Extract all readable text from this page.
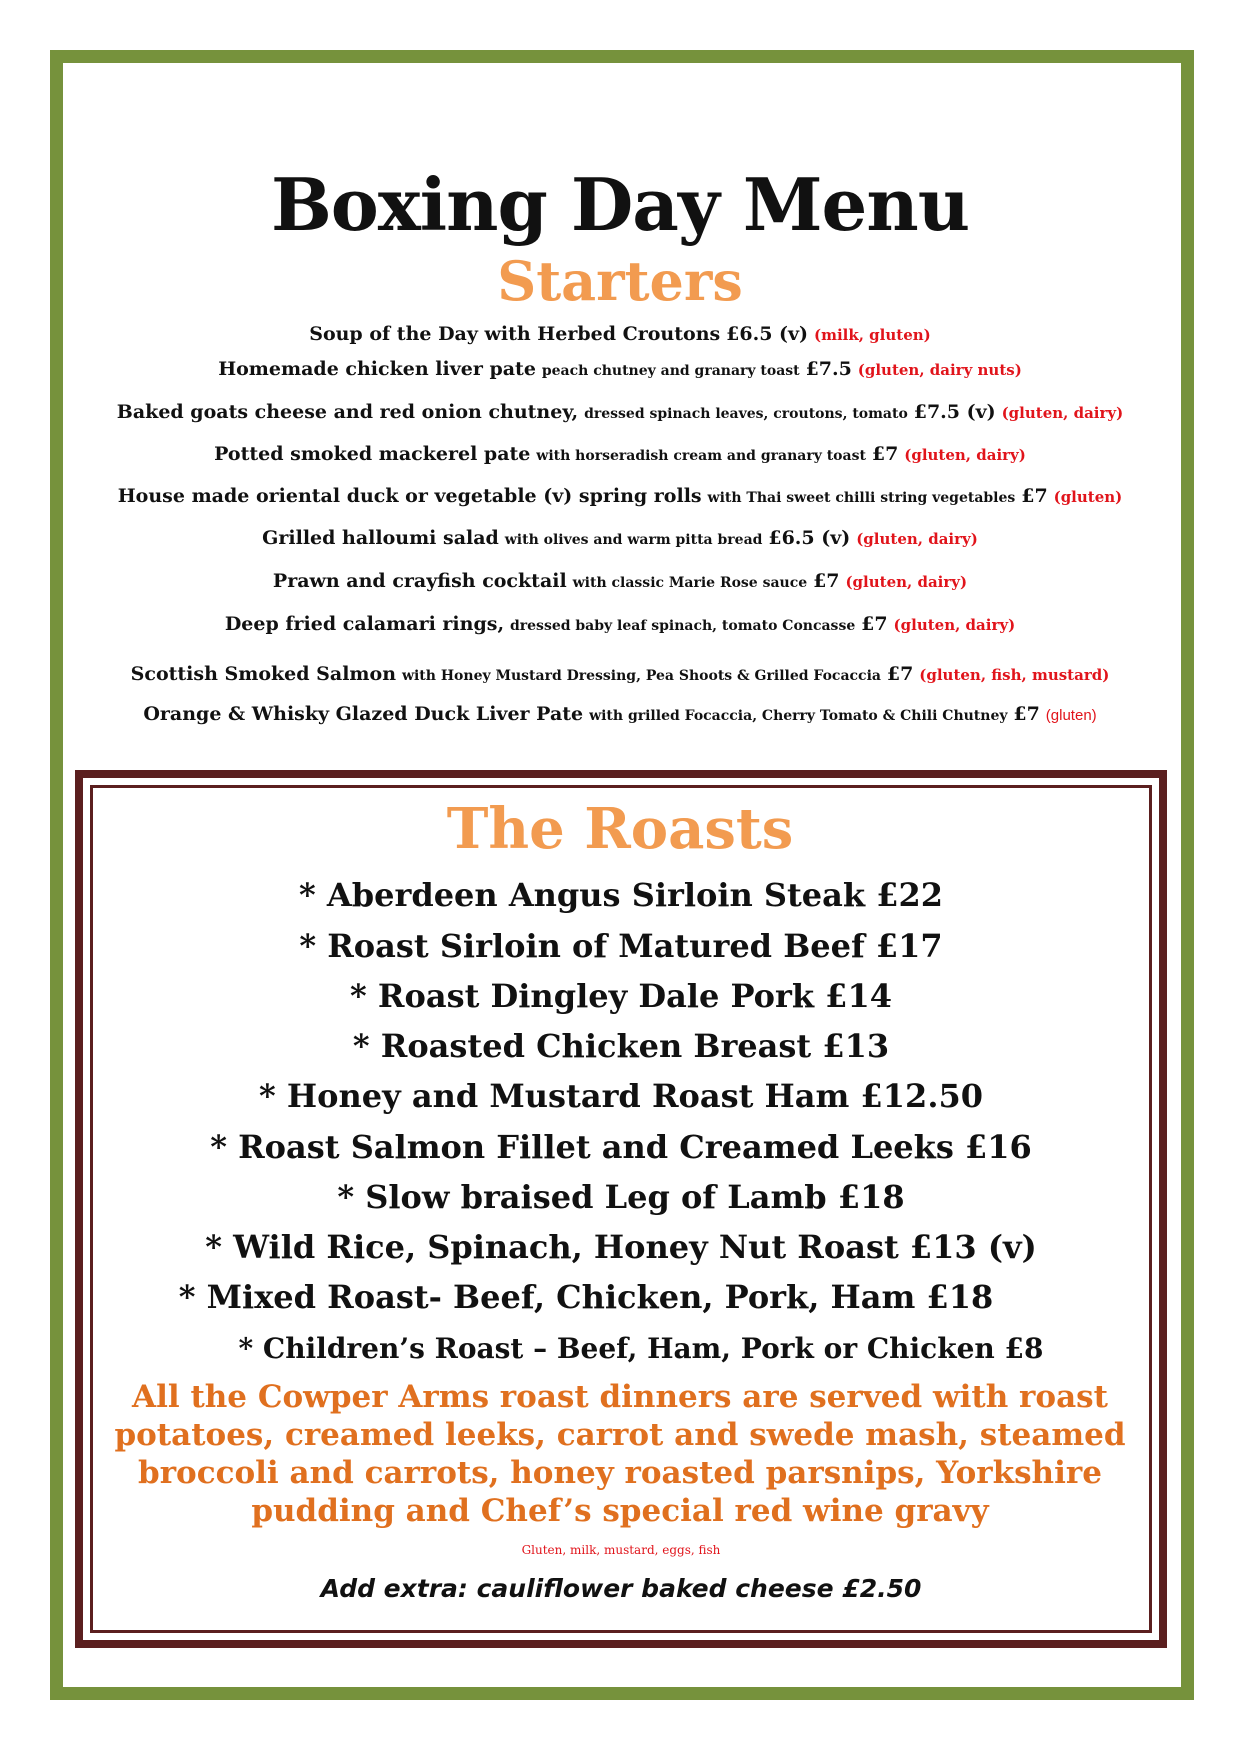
Boxing Day Menu
Starters
Soup of the Day with Herbed Croutons £6.5 (v) (milk, gluten)
Homemade chicken liver pate peach chutney and granary toast £7.5 (gluten, dairy nuts)
Baked goats cheese and red onion chutney, dressed spinach leaves, croutons, tomato £7.5 (v) (gluten, dairy)
Potted smoked mackerel pate with horseradish cream and granary toast £7 (gluten, dairy)
House made oriental duck or vegetable (v) spring rolls with Thai sweet chilli string vegetables £7 (gluten)
Grilled halloumi salad with olives and warm pitta bread £6.5 (v) (gluten, dairy)
Prawn and crayfish cocktail with classic Marie Rose sauce £7 (gluten, dairy)
Deep fried calamari rings, dressed baby leaf spinach, tomato Concasse £7 (gluten, dairy)
Scottish Smoked Salmon with Honey Mustard Dressing, Pea Shoots & Grilled Focaccia £7 (gluten, fish, mustard)
Orange & Whisky Glazed Duck Liver Pate with grilled Focaccia, Cherry Tomato & Chili Chutney £7 (gluten)
The Roasts
* Aberdeen Angus Sirloin Steak £22
* Roast Sirloin of Matured Beef £17
* Roast Dingley Dale Pork £14
* Roasted Chicken Breast £13
* Honey and Mustard Roast Ham £12.50
* Roast Salmon Fillet and Creamed Leeks £16
* Slow braised Leg of Lamb £18
* Wild Rice, Spinach, Honey Nut Roast £13 (v)
* Mixed Roast- Beef, Chicken, Pork, Ham £18
* Children’s Roast – Beef, Ham, Pork or Chicken £8
All the Cowper Arms roast dinners are served with roast
potatoes, creamed leeks, carrot and swede mash, steamed
broccoli and carrots, honey roasted parsnips, Yorkshire
pudding and Chef’s special red wine gravy
Gluten, milk, mustard, eggs, fish
Add extra: cauliflower baked cheese £2.50
